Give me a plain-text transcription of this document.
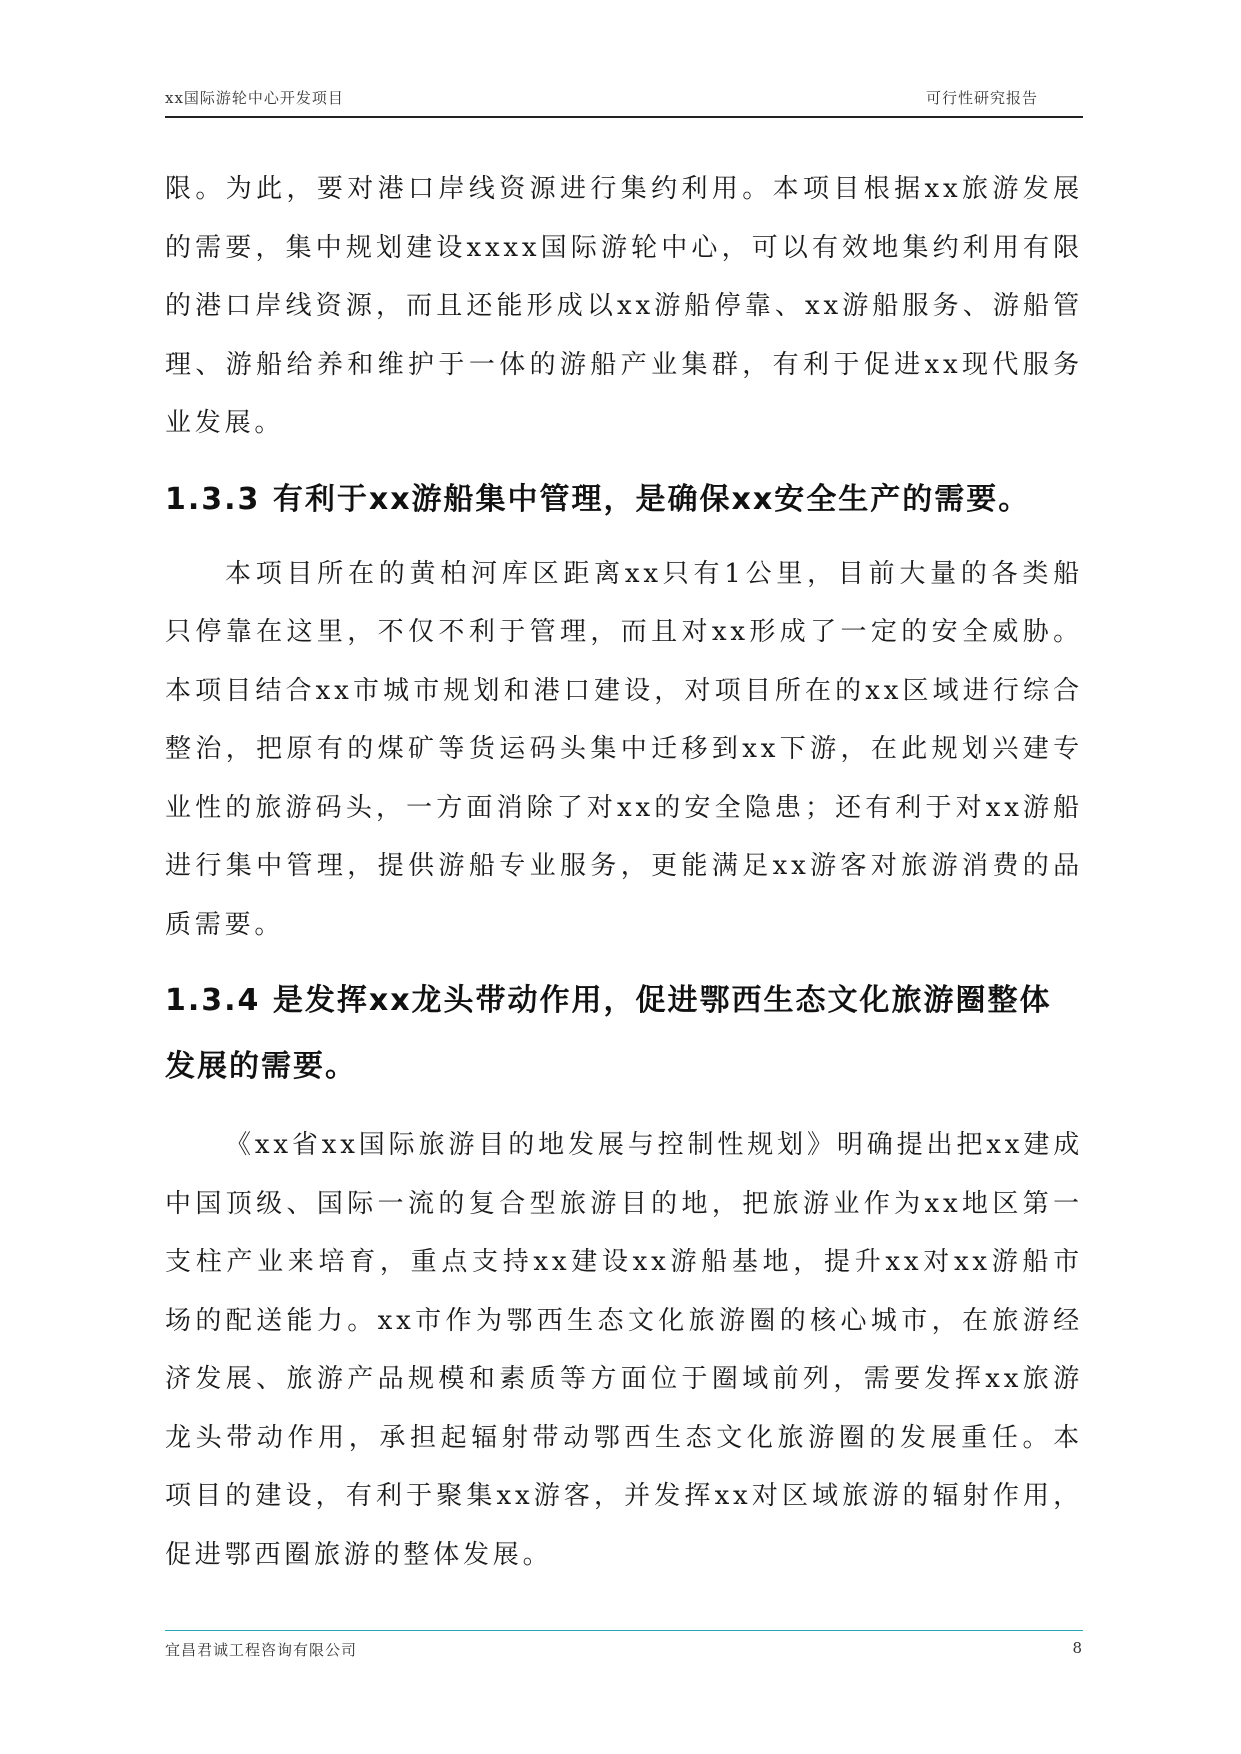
xx国际游轮中心开发项目	可行性研究报告

限。为此，要对港口岸线资源进行集约利用。本项目根据xx旅游发展的需要，集中规划建设xxxx国际游轮中心，可以有效地集约利用有限的港口岸线资源，而且还能形成以xx游船停靠、xx游船服务、游船管理、游船给养和维护于一体的游船产业集群，有利于促进xx现代服务业发展。

1.3.3 有利于xx游船集中管理，是确保xx安全生产的需要。

本项目所在的黄柏河库区距离xx只有1公里，目前大量的各类船只停靠在这里，不仅不利于管理，而且对xx形成了一定的安全威胁。本项目结合xx市城市规划和港口建设，对项目所在的xx区域进行综合整治，把原有的煤矿等货运码头集中迁移到xx下游，在此规划兴建专业性的旅游码头，一方面消除了对xx的安全隐患；还有利于对xx游船进行集中管理，提供游船专业服务，更能满足xx游客对旅游消费的品质需要。

1.3.4 是发挥xx龙头带动作用，促进鄂西生态文化旅游圈整体发展的需要。

《xx省xx国际旅游目的地发展与控制性规划》明确提出把xx建成中国顶级、国际一流的复合型旅游目的地，把旅游业作为xx地区第一支柱产业来培育，重点支持xx建设xx游船基地，提升xx对xx游船市场的配送能力。xx市作为鄂西生态文化旅游圈的核心城市，在旅游经济发展、旅游产品规模和素质等方面位于圈域前列，需要发挥xx旅游龙头带动作用，承担起辐射带动鄂西生态文化旅游圈的发展重任。本项目的建设，有利于聚集xx游客，并发挥xx对区域旅游的辐射作用，促进鄂西圈旅游的整体发展。

宜昌君诚工程咨询有限公司	8
